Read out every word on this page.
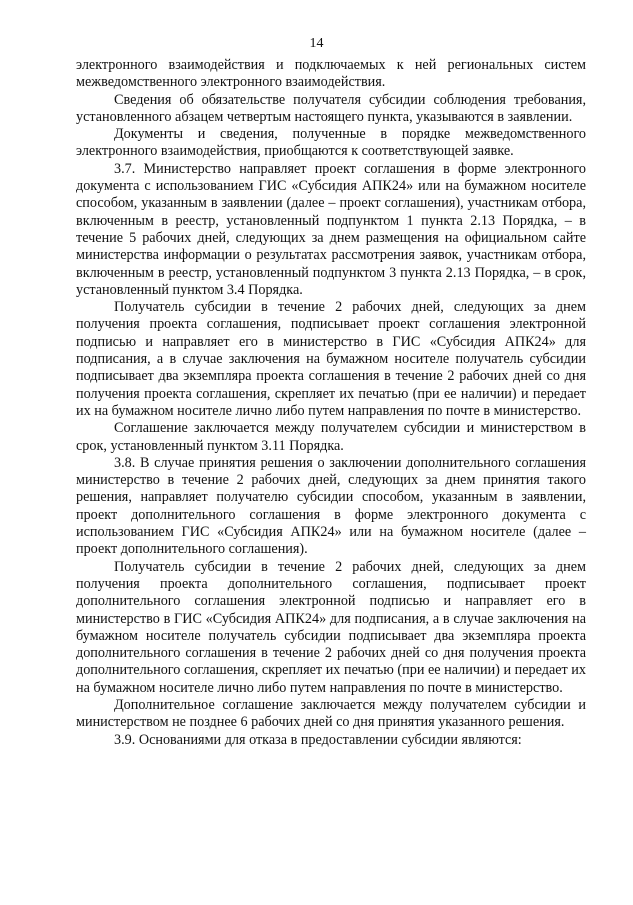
14

электронного взаимодействия и подключаемых к ней региональных систем межведомственного электронного взаимодействия.

Сведения об обязательстве получателя субсидии соблюдения требования, установленного абзацем четвертым настоящего пункта, указываются в заявлении.

Документы и сведения, полученные в порядке межведомственного электронного взаимодействия, приобщаются к соответствующей заявке.

3.7. Министерство направляет проект соглашения в форме электронного документа с использованием ГИС «Субсидия АПК24» или на бумажном носителе способом, указанным в заявлении (далее – проект соглашения), участникам отбора, включенным в реестр, установленный подпунктом 1 пункта 2.13 Порядка, – в течение 5 рабочих дней, следующих за днем размещения на официальном сайте министерства информации о результатах рассмотрения заявок, участникам отбора, включенным в реестр, установленный подпунктом 3 пункта 2.13 Порядка, – в срок, установленный пунктом 3.4 Порядка.

Получатель субсидии в течение 2 рабочих дней, следующих за днем получения проекта соглашения, подписывает проект соглашения электронной подписью и направляет его в министерство в ГИС «Субсидия АПК24» для подписания, а в случае заключения на бумажном носителе получатель субсидии подписывает два экземпляра проекта соглашения в течение 2 рабочих дней со дня получения проекта соглашения, скрепляет их печатью (при ее наличии) и передает их на бумажном носителе лично либо путем направления по почте в министерство.

Соглашение заключается между получателем субсидии и министерством в срок, установленный пунктом 3.11 Порядка.

3.8. В случае принятия решения о заключении дополнительного соглашения министерство в течение 2 рабочих дней, следующих за днем принятия такого решения, направляет получателю субсидии способом, указанным в заявлении, проект дополнительного соглашения в форме электронного документа с использованием ГИС «Субсидия АПК24» или на бумажном носителе (далее – проект дополнительного соглашения).

Получатель субсидии в течение 2 рабочих дней, следующих за днем получения проекта дополнительного соглашения, подписывает проект дополнительного соглашения электронной подписью и направляет его в министерство в ГИС «Субсидия АПК24» для подписания, а в случае заключения на бумажном носителе получатель субсидии подписывает два экземпляра проекта дополнительного соглашения в течение 2 рабочих дней со дня получения проекта дополнительного соглашения, скрепляет их печатью (при ее наличии) и передает их на бумажном носителе лично либо путем направления по почте в министерство.

Дополнительное соглашение заключается между получателем субсидии и министерством не позднее 6 рабочих дней со дня принятия указанного решения.

3.9. Основаниями для отказа в предоставлении субсидии являются:
